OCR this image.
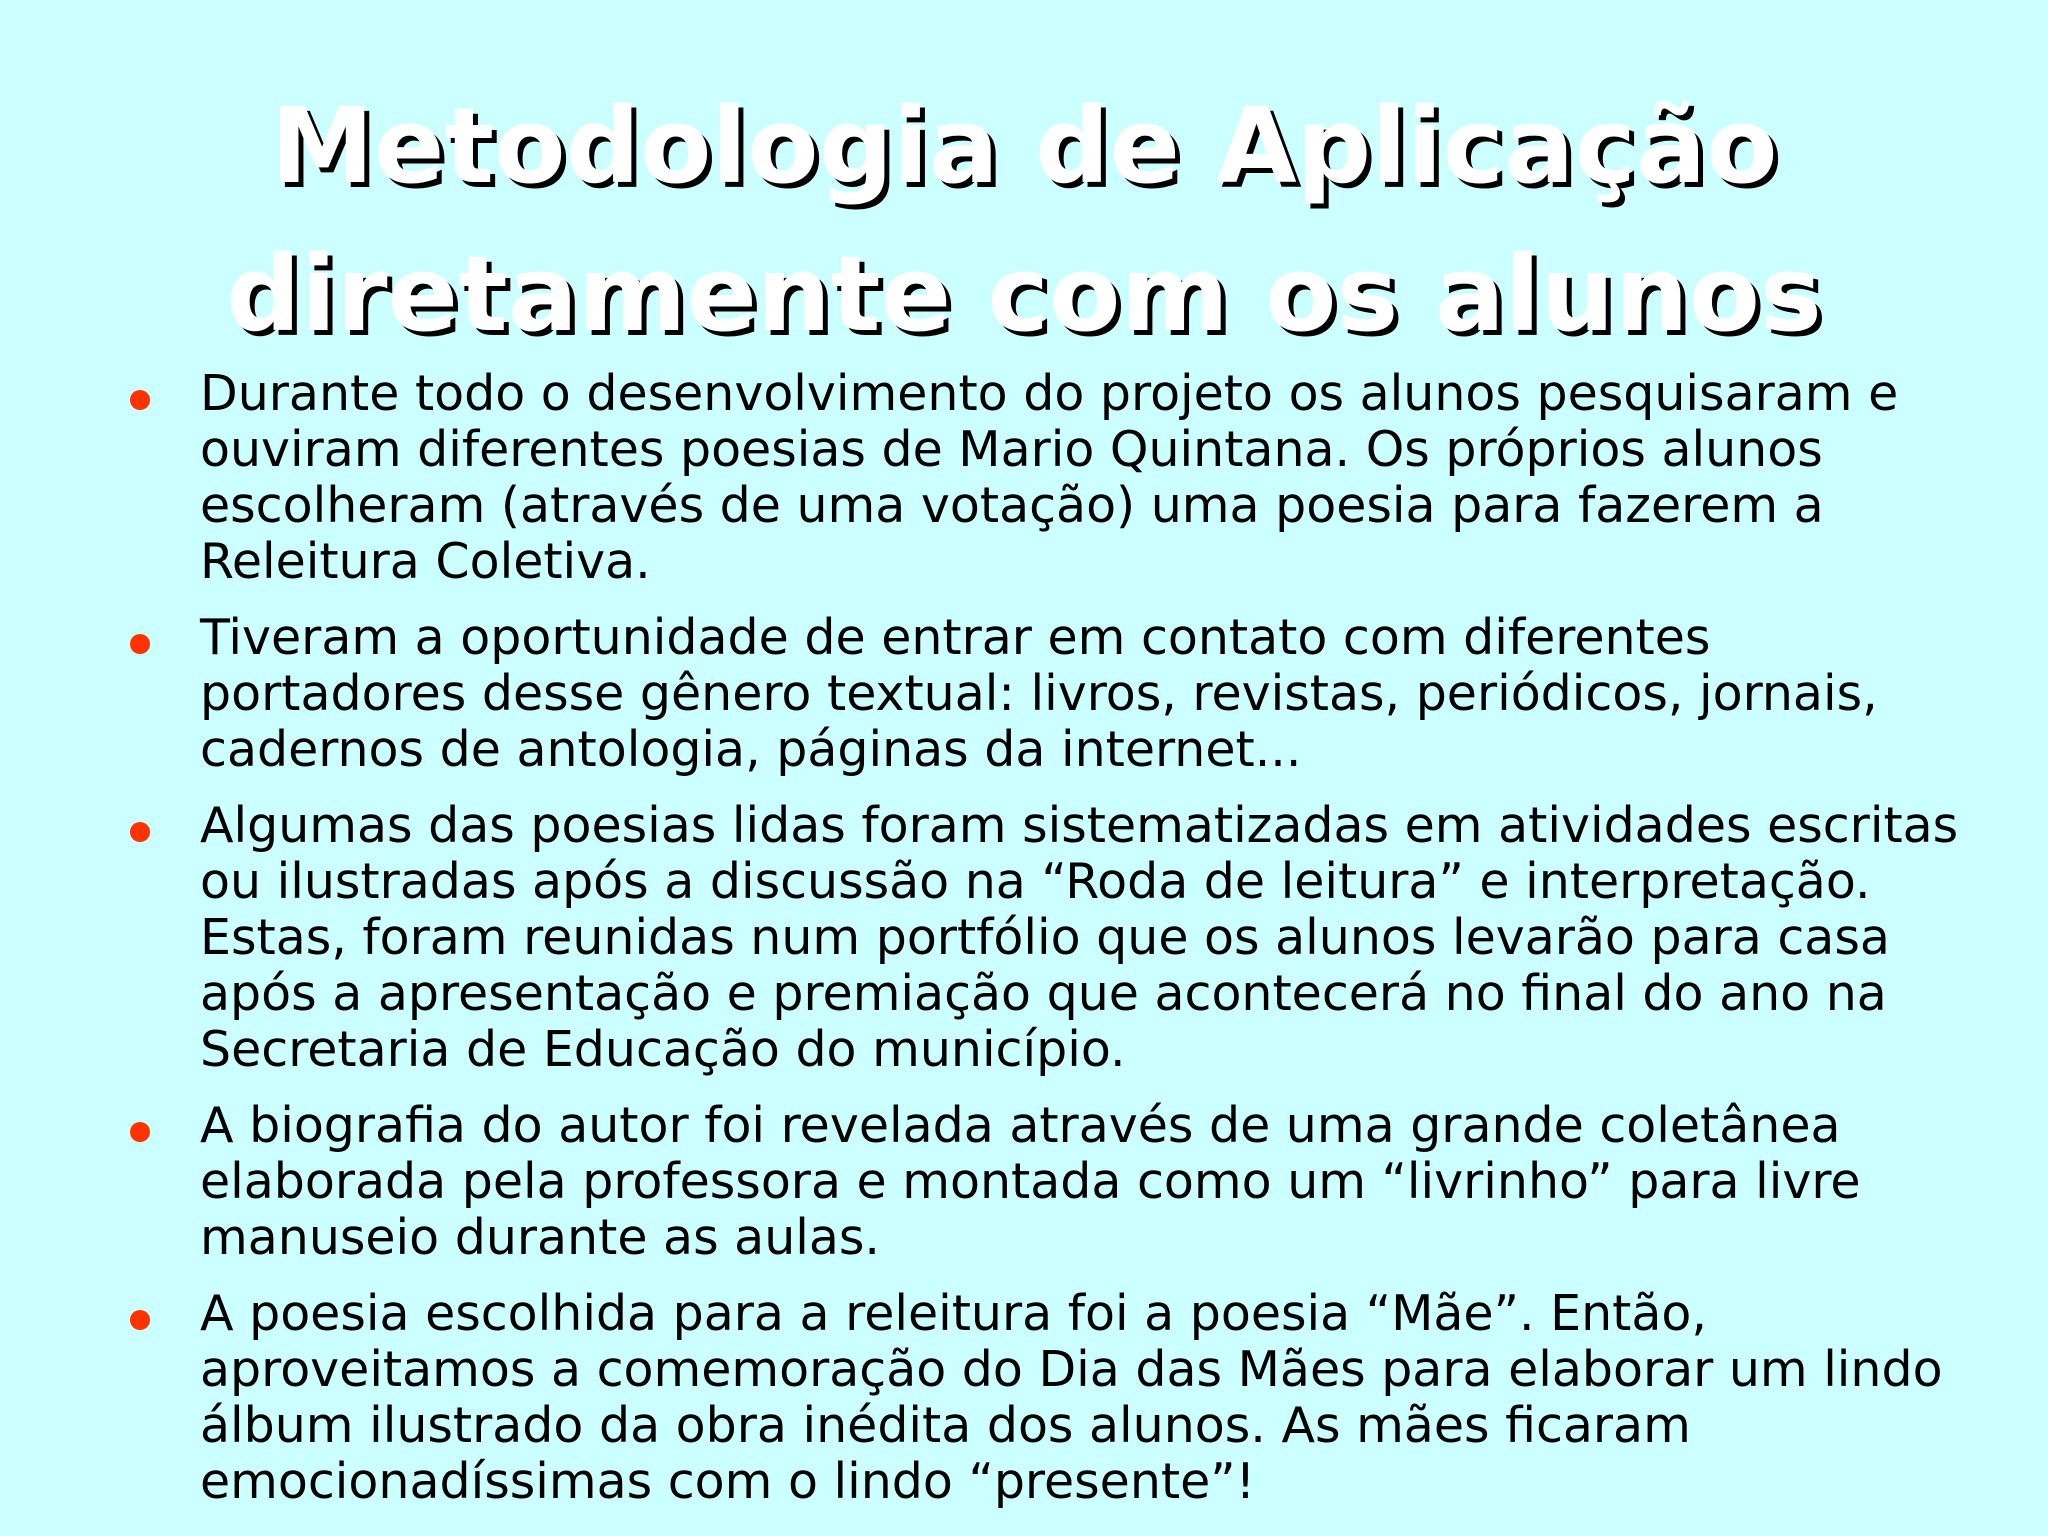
Metodologia de Aplicação
diretamente com os alunos
Durante todo o desenvolvimento do projeto os alunos pesquisaram e ouviram diferentes poesias de Mario Quintana. Os próprios alunos escolheram (através de uma votação) uma poesia para fazerem a Releitura Coletiva.
Tiveram a oportunidade de entrar em contato com diferentes portadores desse gênero textual: livros, revistas, periódicos, jornais, cadernos de antologia, páginas da internet...
Algumas das poesias lidas foram sistematizadas em atividades escritas ou ilustradas após a discussão na “Roda de leitura” e interpretação. Estas, foram reunidas num portfólio que os alunos levarão para casa após a apresentação e premiação que acontecerá no final do ano na Secretaria de Educação do município.
A biografia do autor foi revelada através de uma grande coletânea elaborada pela professora e montada como um “livrinho” para livre manuseio durante as aulas.
A poesia escolhida para a releitura foi a poesia “Mãe”. Então, aproveitamos a comemoração do Dia das Mães para elaborar um lindo álbum ilustrado da obra inédita dos alunos. As mães ficaram emocionadíssimas com o lindo “presente”!
